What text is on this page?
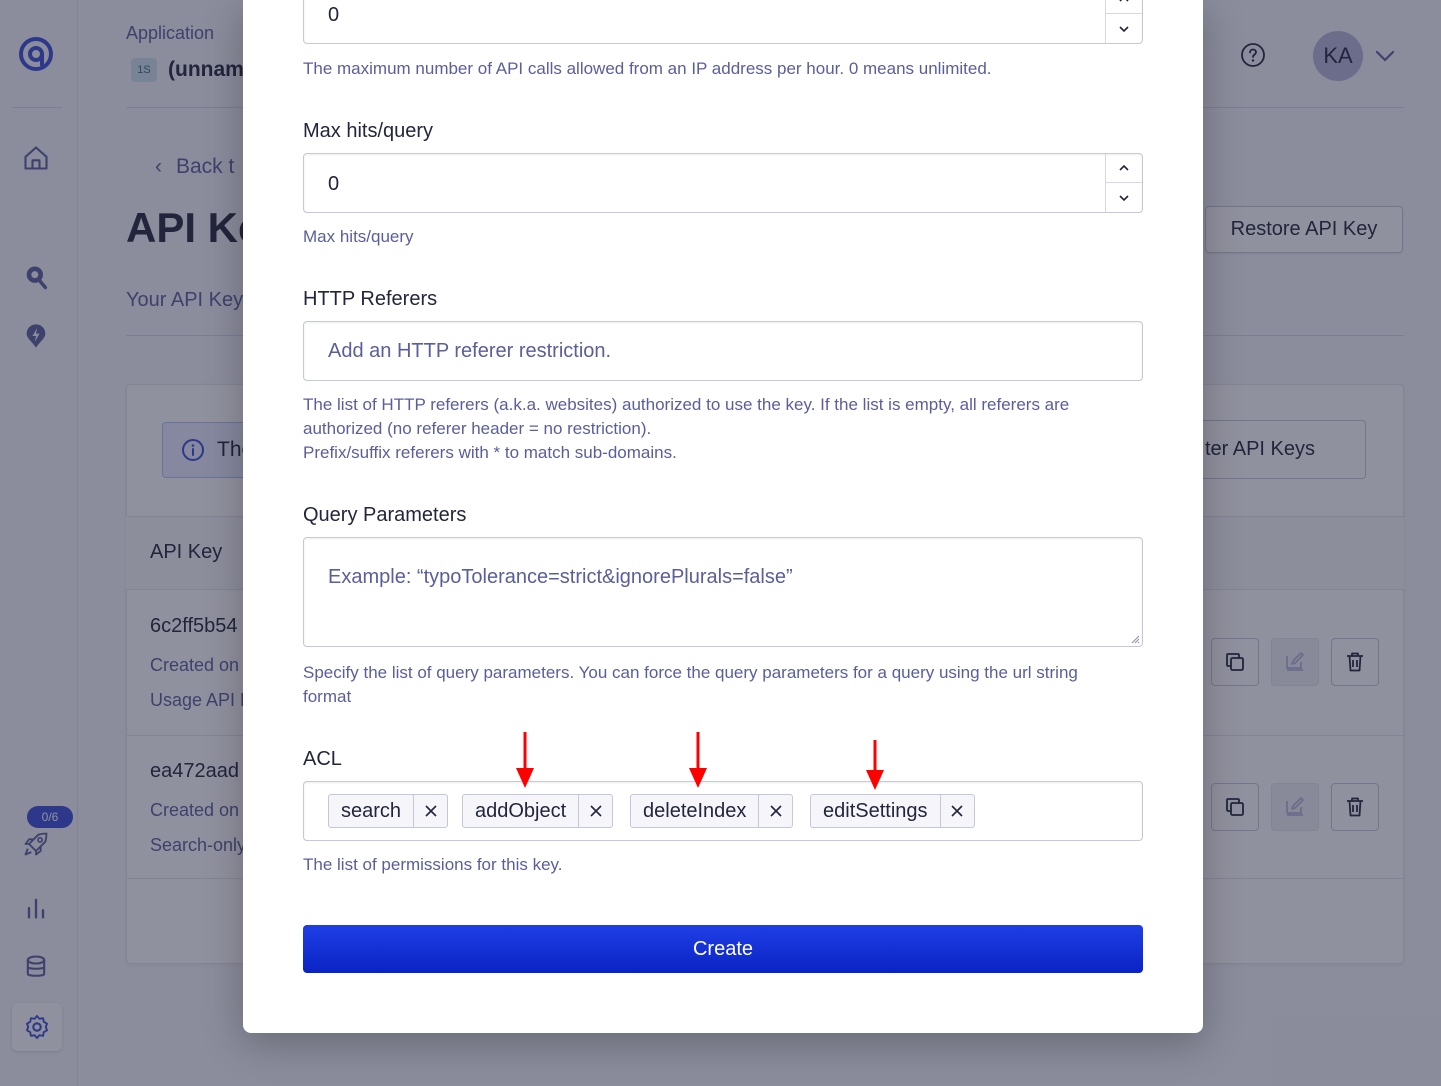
0
The maximum number of API calls allowed from an IP address per hour. 0 means unlimited.
Max hits/query
0
Max hits/query
HTTP Referers
Add an HTTP referer restriction.
The list of HTTP referers (a.k.a. websites) authorized to use the key. If the list is empty, all referers are
authorized (no referer header = no restriction).
Prefix/suffix referers with * to match sub-domains.
Query Parameters
Example: “typoTolerance=strict&ignorePlurals=false”
Specify the list of query parameters. You can force the query parameters for a query using the url string
format
ACL
search	addObject	deleteIndex	editSettings
The list of permissions for this key.
Create
